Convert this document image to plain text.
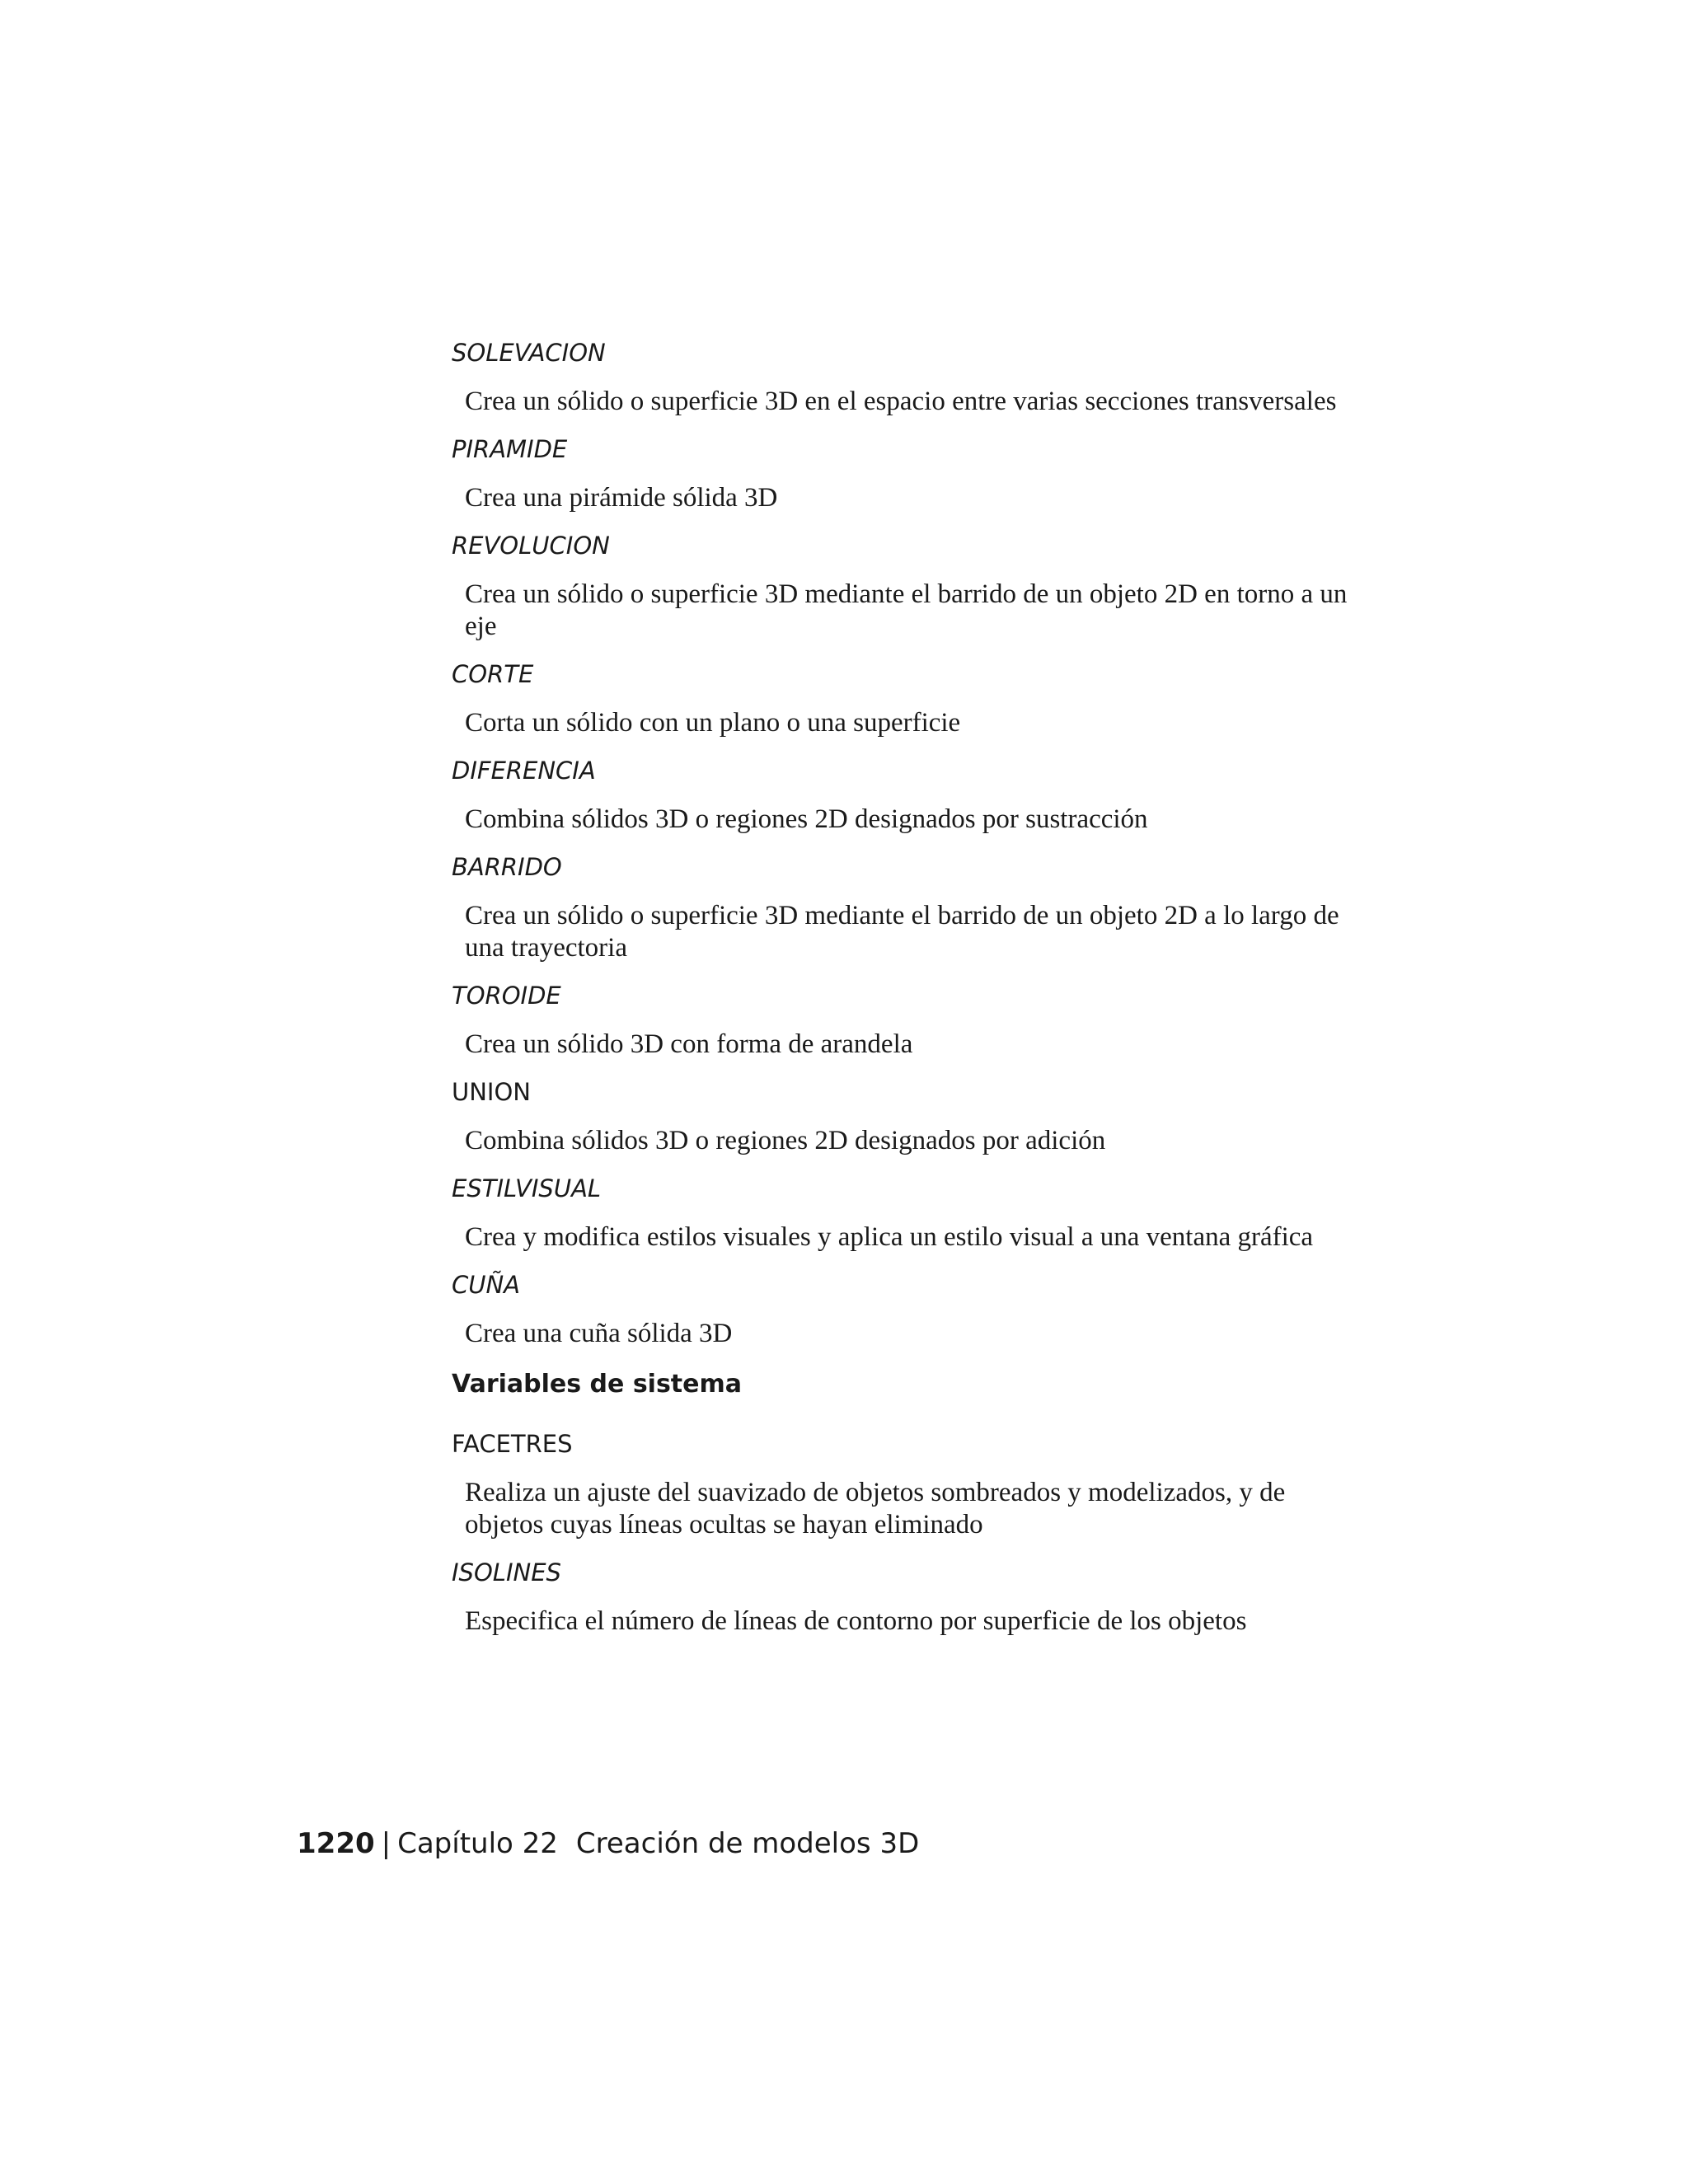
SOLEVACION
Crea un sólido o superficie 3D en el espacio entre varias secciones transversales
PIRAMIDE
Crea una pirámide sólida 3D
REVOLUCION
Crea un sólido o superficie 3D mediante el barrido de un objeto 2D en torno a un eje
CORTE
Corta un sólido con un plano o una superficie
DIFERENCIA
Combina sólidos 3D o regiones 2D designados por sustracción
BARRIDO
Crea un sólido o superficie 3D mediante el barrido de un objeto 2D a lo largo de una trayectoria
TOROIDE
Crea un sólido 3D con forma de arandela
UNION
Combina sólidos 3D o regiones 2D designados por adición
ESTILVISUAL
Crea y modifica estilos visuales y aplica un estilo visual a una ventana gráfica
CUÑA
Crea una cuña sólida 3D
Variables de sistema
FACETRES
Realiza un ajuste del suavizado de objetos sombreados y modelizados, y de objetos cuyas líneas ocultas se hayan eliminado
ISOLINES
Especifica el número de líneas de contorno por superficie de los objetos
1220 | Capítulo 22 Creación de modelos 3D
